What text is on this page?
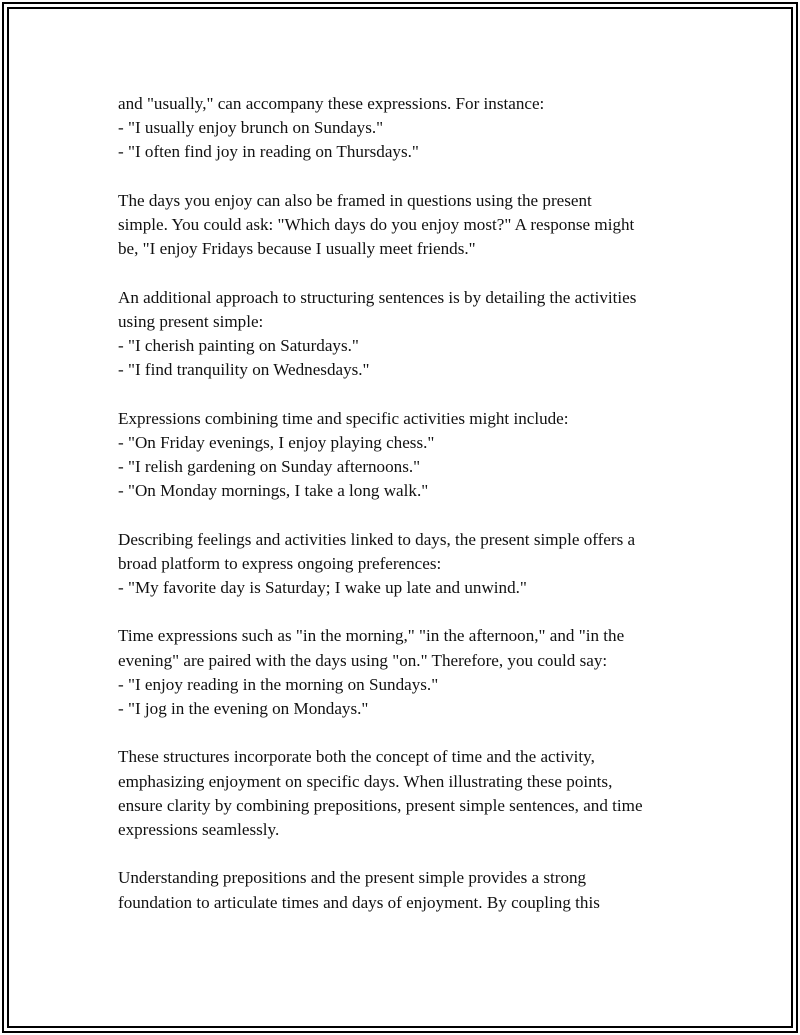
and "usually," can accompany these expressions. For instance:
- "I usually enjoy brunch on Sundays."
- "I often find joy in reading on Thursdays."
The days you enjoy can also be framed in questions using the present
simple. You could ask: "Which days do you enjoy most?" A response might
be, "I enjoy Fridays because I usually meet friends."
An additional approach to structuring sentences is by detailing the activities
using present simple:
- "I cherish painting on Saturdays."
- "I find tranquility on Wednesdays."
Expressions combining time and specific activities might include:
- "On Friday evenings, I enjoy playing chess."
- "I relish gardening on Sunday afternoons."
- "On Monday mornings, I take a long walk."
Describing feelings and activities linked to days, the present simple offers a
broad platform to express ongoing preferences:
- "My favorite day is Saturday; I wake up late and unwind."
Time expressions such as "in the morning," "in the afternoon," and "in the
evening" are paired with the days using "on." Therefore, you could say:
- "I enjoy reading in the morning on Sundays."
- "I jog in the evening on Mondays."
These structures incorporate both the concept of time and the activity,
emphasizing enjoyment on specific days. When illustrating these points,
ensure clarity by combining prepositions, present simple sentences, and time
expressions seamlessly.
Understanding prepositions and the present simple provides a strong
foundation to articulate times and days of enjoyment. By coupling this
